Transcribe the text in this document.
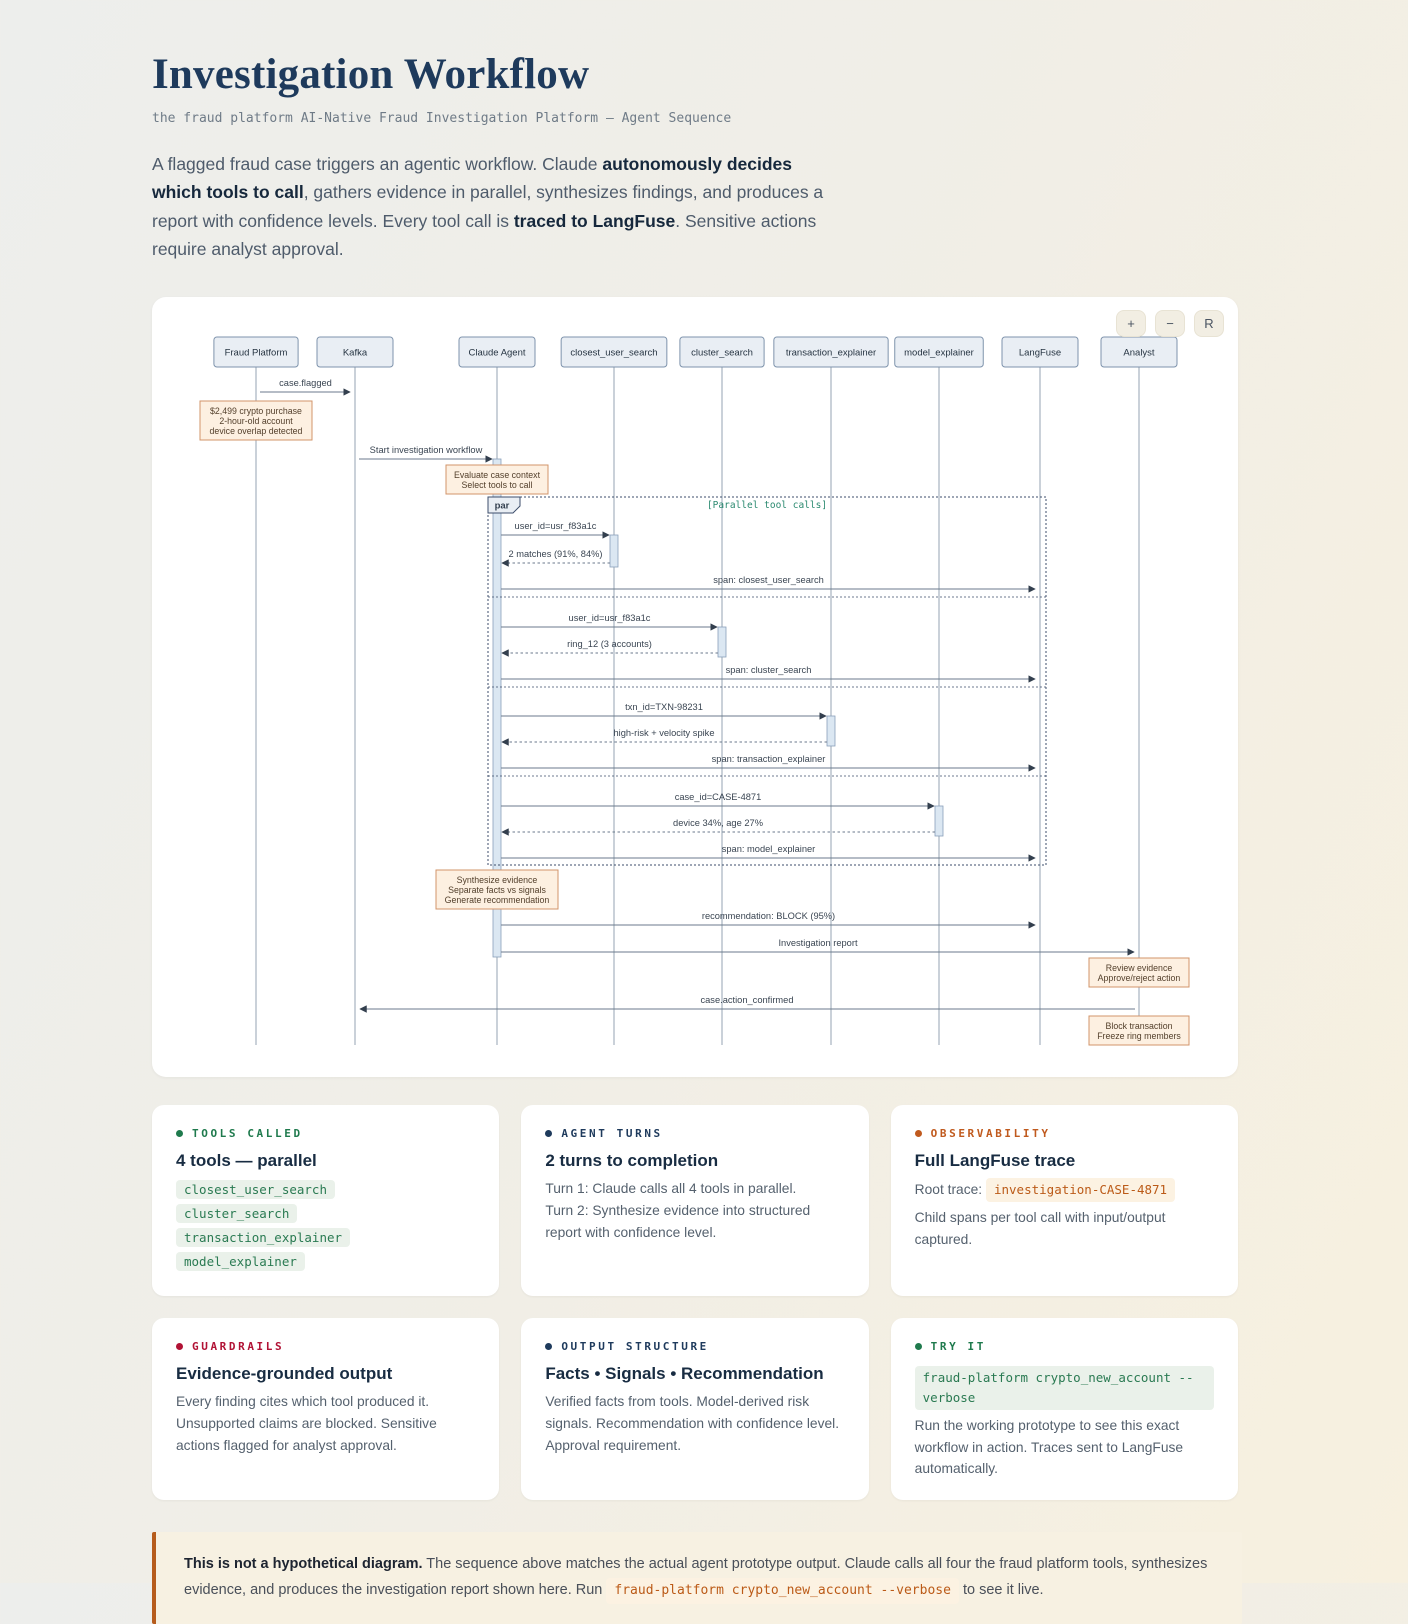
Investigation Workflow
the fraud platform AI-Native Fraud Investigation Platform — Agent Sequence

A flagged fraud case triggers an agentic workflow. Claude autonomously decides which tools to call, gathers evidence in parallel, synthesizes findings, and produces a report with confidence levels. Every tool call is traced to LangFuse. Sensitive actions require analyst approval.

+	−	R
par	[Parallel tool calls]
case.flagged
Start investigation workflow
user_id=usr_f83a1c
2 matches (91%, 84%)
span: closest_user_search
user_id=usr_f83a1c
ring_12 (3 accounts)
span: cluster_search
txn_id=TXN-98231
high-risk + velocity spike
span: transaction_explainer
case_id=CASE-4871
device 34%, age 27%
span: model_explainer
recommendation: BLOCK (95%)
Investigation report
case.action_confirmed
$2,499 crypto purchase
2-hour-old account
device overlap detected
Evaluate case context
Select tools to call
Synthesize evidence
Separate facts vs signals
Generate recommendation
Review evidence
Approve/reject action
Block transaction
Freeze ring members
Fraud Platform	Kafka	Claude Agent	closest_user_search	cluster_search	transaction_explainer	model_explainer	LangFuse	Analyst
TOOLS CALLED
4 tools — parallel
closest_user_search
cluster_search
transaction_explainer
model_explainer
AGENT TURNS
2 turns to completion
Turn 1: Claude calls all 4 tools in parallel.
Turn 2: Synthesize evidence into structured report with confidence level.
OBSERVABILITY
Full LangFuse trace
Root trace: investigation-CASE-4871
Child spans per tool call with input/output captured.
GUARDRAILS
Evidence-grounded output
Every finding cites which tool produced it. Unsupported claims are blocked. Sensitive actions flagged for analyst approval.
OUTPUT STRUCTURE
Facts • Signals • Recommendation
Verified facts from tools. Model-derived risk signals. Recommendation with confidence level. Approval requirement.
TRY IT
fraud-platform crypto_new_account --verbose
Run the working prototype to see this exact workflow in action. Traces sent to LangFuse automatically.
This is not a hypothetical diagram. The sequence above matches the actual agent prototype output. Claude calls all four the fraud platform tools, synthesizes evidence, and produces the investigation report shown here. Run fraud-platform crypto_new_account --verbose to see it live.
